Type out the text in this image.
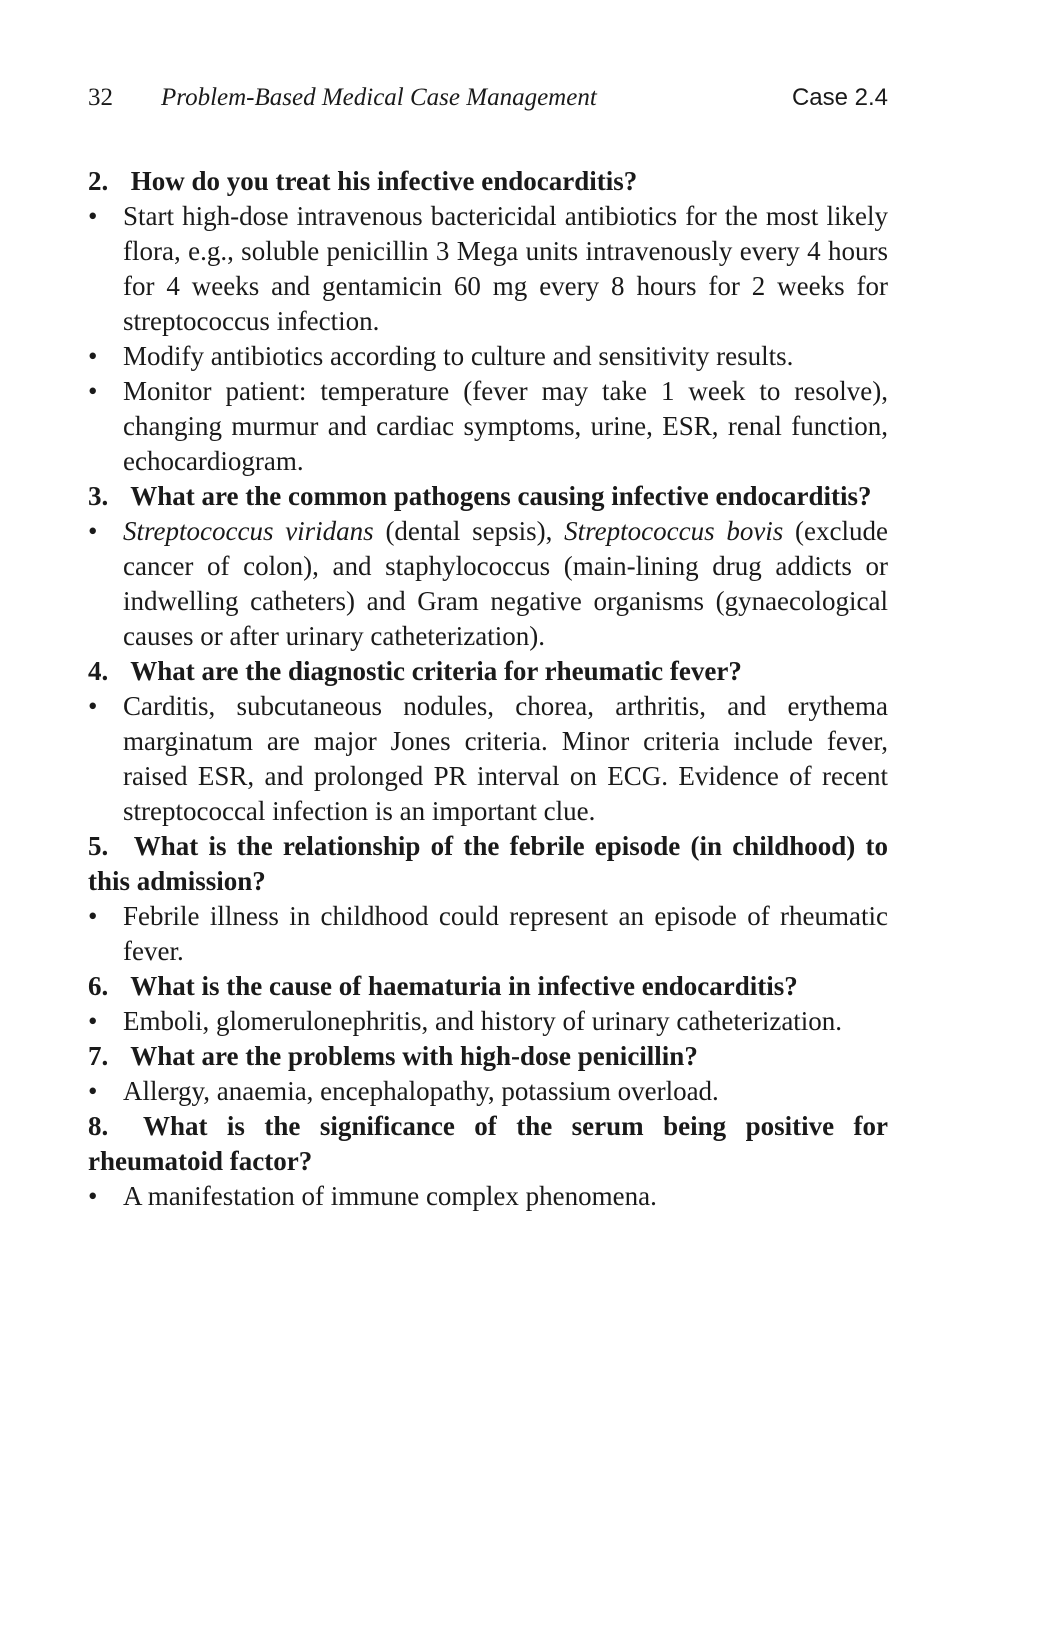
32 Problem-Based Medical Case Management	Case 2.4

2. How do you treat his infective endocarditis?

• Start high-dose intravenous bactericidal antibiotics for the most likely flora, e.g., soluble penicillin 3 Mega units intravenously every 4 hours for 4 weeks and gentamicin 60 mg every 8 hours for 2 weeks for streptococcus infection.

• Modify antibiotics according to culture and sensitivity results.

• Monitor patient: temperature (fever may take 1 week to resolve), changing murmur and cardiac symptoms, urine, ESR, renal function, echocardiogram.

3. What are the common pathogens causing infective endocarditis?

• Streptococcus viridans (dental sepsis), Streptococcus bovis (exclude cancer of colon), and staphylococcus (main-lining drug addicts or indwelling catheters) and Gram negative organisms (gynaecological causes or after urinary catheterization).

4. What are the diagnostic criteria for rheumatic fever?

• Carditis, subcutaneous nodules, chorea, arthritis, and erythema marginatum are major Jones criteria. Minor criteria include fever, raised ESR, and prolonged PR interval on ECG. Evidence of recent streptococcal infection is an important clue.

5. What is the relationship of the febrile episode (in childhood) to this admission?

• Febrile illness in childhood could represent an episode of rheumatic fever.

6. What is the cause of haematuria in infective endocarditis?

• Emboli, glomerulonephritis, and history of urinary catheterization.

7. What are the problems with high-dose penicillin?

• Allergy, anaemia, encephalopathy, potassium overload.

8. What is the significance of the serum being positive for rheumatoid factor?

• A manifestation of immune complex phenomena.
